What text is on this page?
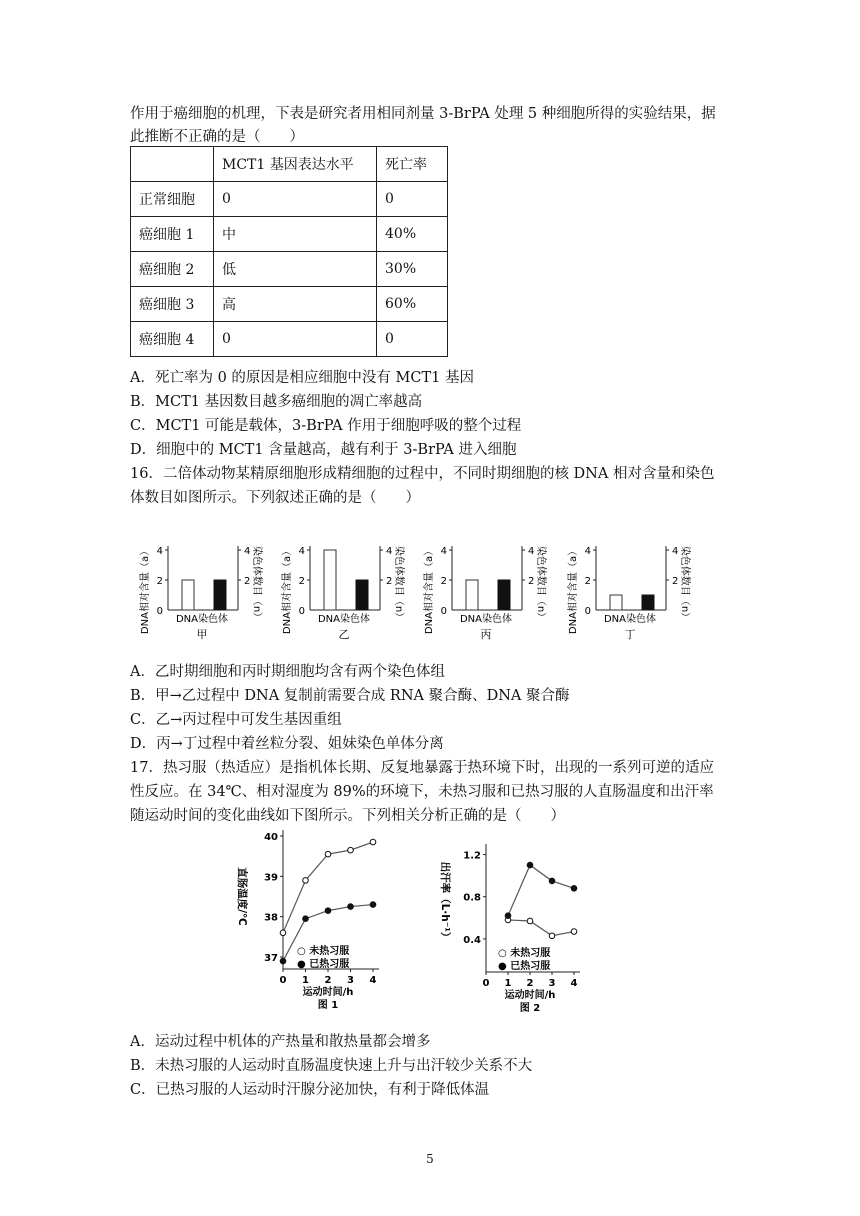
作用于癌细胞的机理，下表是研究者用相同剂量 3-BrPA 处理 5 种细胞所得的实验结果，据
此推断不正确的是（　　）
	MCT1 基因表达水平	死亡率
正常细胞	0	0
癌细胞 1	中	40%
癌细胞 2	低	30%
癌细胞 3	高	60%
癌细胞 4	0	0
A．死亡率为 0 的原因是相应细胞中没有 MCT1 基因
B．MCT1 基因数目越多癌细胞的凋亡率越高
C．MCT1 可能是载体，3-BrPA 作用于细胞呼吸的整个过程
D．细胞中的 MCT1 含量越高，越有利于 3-BrPA 进入细胞
16．二倍体动物某精原细胞形成精细胞的过程中，不同时期细胞的核 DNA 相对含量和染色
体数目如图所示。下列叙述正确的是（　　）
DNA相对含量（a）	染色体数目（n）
4	4
2	2
0
DNA染色体
甲
DNA相对含量（a）	染色体数目（n）
4	4
2	2
0
DNA染色体
乙
DNA相对含量（a）	染色体数目（n）
4	4
2	2
0
DNA染色体
丙
DNA相对含量（a）	染色体数目（n）
4	4
2	2
0
DNA染色体
丁
A．乙时期细胞和丙时期细胞均含有两个染色体组
B．甲→乙过程中 DNA 复制前需要合成 RNA 聚合酶、DNA 聚合酶
C．乙→丙过程中可发生基因重组
D．丙→丁过程中着丝粒分裂、姐妹染色单体分离
17．热习服（热适应）是指机体长期、反复地暴露于热环境下时，出现的一系列可逆的适应
性反应。在 34℃、相对湿度为 89%的环境下，未热习服和已热习服的人直肠温度和出汗率
随运动时间的变化曲线如下图所示。下列相关分析正确的是（　　）
40
39
38
37
0 1 2 3 4
运动时间/h
图 1
直肠温度/℃
○ 未热习服
● 已热习服
1.2
0.8
0.4
0 1 2 3 4
运动时间/h
图 2
出汗率（L·h⁻¹）
○ 未热习服
● 已热习服
A．运动过程中机体的产热量和散热量都会增多
B．未热习服的人运动时直肠温度快速上升与出汗较少关系不大
C．已热习服的人运动时汗腺分泌加快，有利于降低体温
5
